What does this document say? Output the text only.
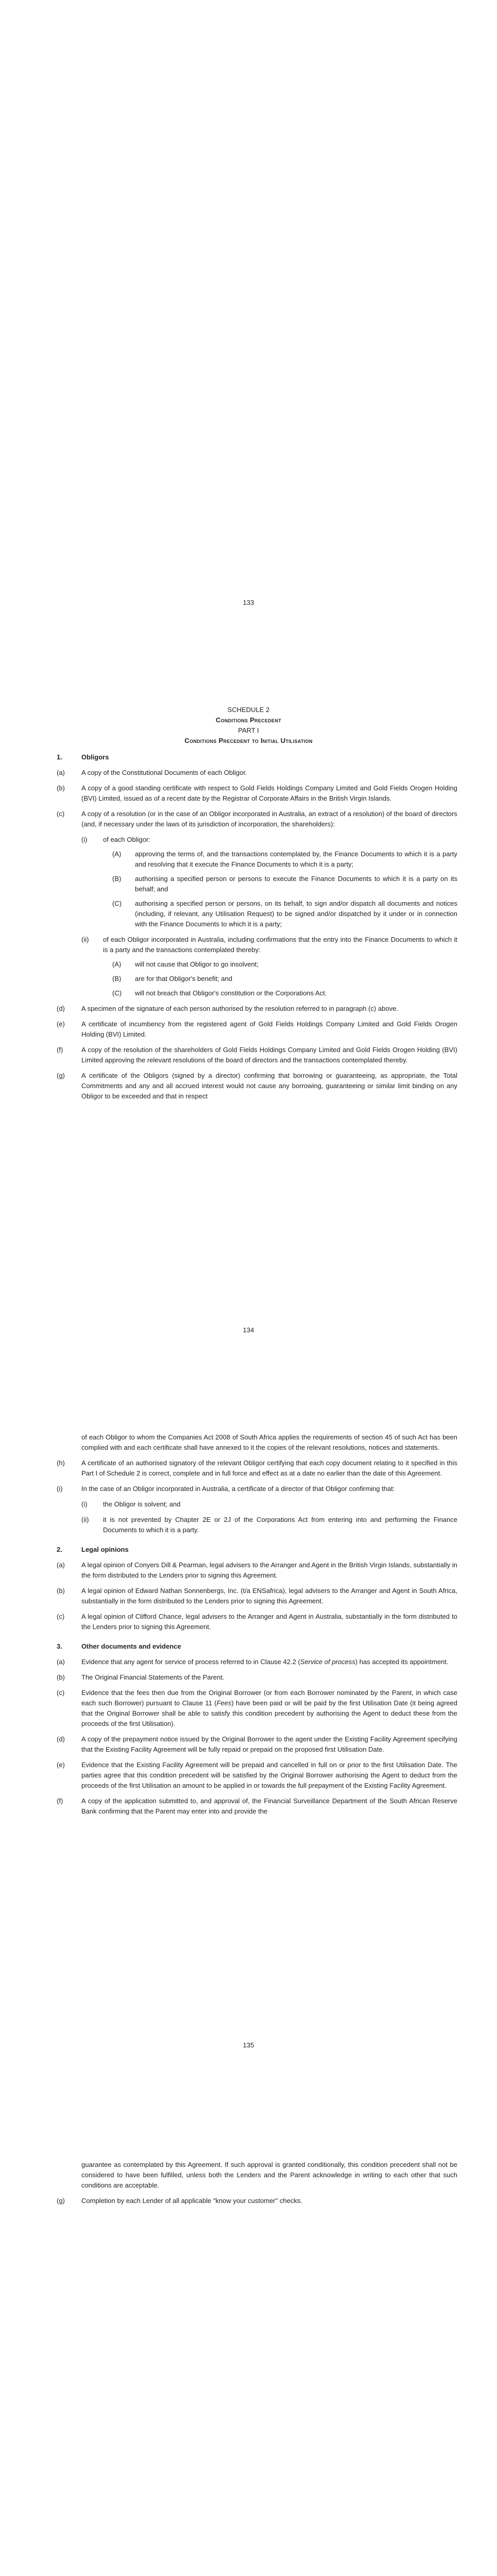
133
SCHEDULE 2
Conditions Precedent
PART I
Conditions Precedent to Initial Utilisation
1.	Obligors
(a)	A copy of the Constitutional Documents of each Obligor.
(b)	A copy of a good standing certificate with respect to Gold Fields Holdings Company Limited and Gold Fields Orogen Holding (BVI) Limited, issued as of a recent date by the Registrar of Corporate Affairs in the British Virgin Islands.
(c)	A copy of a resolution (or in the case of an Obligor incorporated in Australia, an extract of a resolution) of the board of directors (and, if necessary under the laws of its jurisdiction of incorporation, the shareholders):
(i)	of each Obligor:
(A)	approving the terms of, and the transactions contemplated by, the Finance Documents to which it is a party and resolving that it execute the Finance Documents to which it is a party;
(B)	authorising a specified person or persons to execute the Finance Documents to which it is a party on its behalf; and
(C)	authorising a specified person or persons, on its behalf, to sign and/or dispatch all documents and notices (including, if relevant, any Utilisation Request) to be signed and/or dispatched by it under or in connection with the Finance Documents to which it is a party;
(ii)	of each Obligor incorporated in Australia, including confirmations that the entry into the Finance Documents to which it is a party and the transactions contemplated thereby:
(A)	will not cause that Obligor to go insolvent;
(B)	are for that Obligor's benefit; and
(C)	will not breach that Obligor's constitution or the Corporations Act.
(d)	A specimen of the signature of each person authorised by the resolution referred to in paragraph (c) above.
(e)	A certificate of incumbency from the registered agent of Gold Fields Holdings Company Limited and Gold Fields Orogen Holding (BVI) Limited.
(f)	A copy of the resolution of the shareholders of Gold Fields Holdings Company Limited and Gold Fields Orogen Holding (BVI) Limited approving the relevant resolutions of the board of directors and the transactions contemplated thereby.
(g)	A certificate of the Obligors (signed by a director) confirming that borrowing or guaranteeing, as appropriate, the Total Commitments and any and all accrued interest would not cause any borrowing, guaranteeing or similar limit binding on any Obligor to be exceeded and that in respect
134
of each Obligor to whom the Companies Act 2008 of South Africa applies the requirements of section 45 of such Act has been complied with and each certificate shall have annexed to it the copies of the relevant resolutions, notices and statements.
(h)	A certificate of an authorised signatory of the relevant Obligor certifying that each copy document relating to it specified in this Part I of Schedule 2 is correct, complete and in full force and effect as at a date no earlier than the date of this Agreement.
(i)	In the case of an Obligor incorporated in Australia, a certificate of a director of that Obligor confirming that:
(i)	the Obligor is solvent; and
(ii)	it is not prevented by Chapter 2E or 2J of the Corporations Act from entering into and performing the Finance Documents to which it is a party.
2.	Legal opinions
(a)	A legal opinion of Conyers Dill & Pearman, legal advisers to the Arranger and Agent in the British Virgin Islands, substantially in the form distributed to the Lenders prior to signing this Agreement.
(b)	A legal opinion of Edward Nathan Sonnenbergs, Inc. (t/a ENSafrica), legal advisers to the Arranger and Agent in South Africa, substantially in the form distributed to the Lenders prior to signing this Agreement.
(c)	A legal opinion of Clifford Chance, legal advisers to the Arranger and Agent in Australia, substantially in the form distributed to the Lenders prior to signing this Agreement.
3.	Other documents and evidence
(a)	Evidence that any agent for service of process referred to in Clause 42.2 (Service of process) has accepted its appointment.
(b)	The Original Financial Statements of the Parent.
(c)	Evidence that the fees then due from the Original Borrower (or from each Borrower nominated by the Parent, in which case each such Borrower) pursuant to Clause 11 (Fees) have been paid or will be paid by the first Utilisation Date (it being agreed that the Original Borrower shall be able to satisfy this condition precedent by authorising the Agent to deduct these from the proceeds of the first Utilisation).
(d)	A copy of the prepayment notice issued by the Original Borrower to the agent under the Existing Facility Agreement specifying that the Existing Facility Agreement will be fully repaid or prepaid on the proposed first Utilisation Date.
(e)	Evidence that the Existing Facility Agreement will be prepaid and cancelled in full on or prior to the first Utilisation Date. The parties agree that this condition precedent will be satisfied by the Original Borrower authorising the Agent to deduct from the proceeds of the first Utilisation an amount to be applied in or towards the full prepayment of the Existing Facility Agreement.
(f)	A copy of the application submitted to, and approval of, the Financial Surveillance Department of the South African Reserve Bank confirming that the Parent may enter into and provide the
135
guarantee as contemplated by this Agreement. If such approval is granted conditionally, this condition precedent shall not be considered to have been fulfilled, unless both the Lenders and the Parent acknowledge in writing to each other that such conditions are acceptable.
(g)	Completion by each Lender of all applicable "know your customer" checks.
